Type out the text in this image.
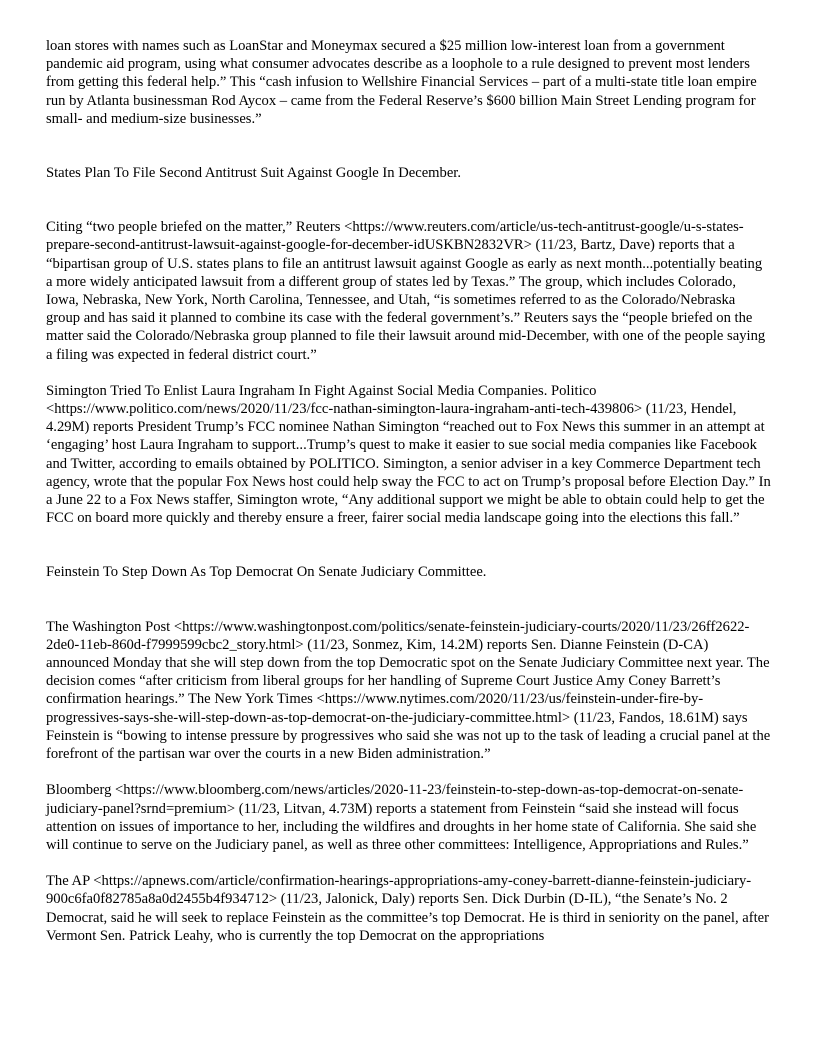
loan stores with names such as LoanStar and Moneymax secured a $25 million low-interest loan from a government pandemic aid program, using what consumer advocates describe as a loophole to a rule designed to prevent most lenders from getting this federal help.” This “cash infusion to Wellshire Financial Services – part of a multi-state title loan empire run by Atlanta businessman Rod Aycox – came from the Federal Reserve’s $600 billion Main Street Lending program for small- and medium-size businesses.”

States Plan To File Second Antitrust Suit Against Google In December.

Citing “two people briefed on the matter,” Reuters <https://www.reuters.com/article/us-tech-antitrust-google/u-s-states-prepare-second-antitrust-lawsuit-against-google-for-december-idUSKBN2832VR> (11/23, Bartz, Dave) reports that a “bipartisan group of U.S. states plans to file an antitrust lawsuit against Google as early as next month...potentially beating a more widely anticipated lawsuit from a different group of states led by Texas.” The group, which includes Colorado, Iowa, Nebraska, New York, North Carolina, Tennessee, and Utah, “is sometimes referred to as the Colorado/Nebraska group and has said it planned to combine its case with the federal government’s.” Reuters says the “people briefed on the matter said the Colorado/Nebraska group planned to file their lawsuit around mid-December, with one of the people saying a filing was expected in federal district court.”

Simington Tried To Enlist Laura Ingraham In Fight Against Social Media Companies. Politico <https://www.politico.com/news/2020/11/23/fcc-nathan-simington-laura-ingraham-anti-tech-439806> (11/23, Hendel, 4.29M) reports President Trump’s FCC nominee Nathan Simington “reached out to Fox News this summer in an attempt at ‘engaging’ host Laura Ingraham to support...Trump’s quest to make it easier to sue social media companies like Facebook and Twitter, according to emails obtained by POLITICO. Simington, a senior adviser in a key Commerce Department tech agency, wrote that the popular Fox News host could help sway the FCC to act on Trump’s proposal before Election Day.” In a June 22 to a Fox News staffer, Simington wrote, “Any additional support we might be able to obtain could help to get the FCC on board more quickly and thereby ensure a freer, fairer social media landscape going into the elections this fall.”

Feinstein To Step Down As Top Democrat On Senate Judiciary Committee.

The Washington Post <https://www.washingtonpost.com/politics/senate-feinstein-judiciary-courts/2020/11/23/26ff2622-2de0-11eb-860d-f7999599cbc2_story.html> (11/23, Sonmez, Kim, 14.2M) reports Sen. Dianne Feinstein (D-CA) announced Monday that she will step down from the top Democratic spot on the Senate Judiciary Committee next year. The decision comes “after criticism from liberal groups for her handling of Supreme Court Justice Amy Coney Barrett’s confirmation hearings.” The New York Times <https://www.nytimes.com/2020/11/23/us/feinstein-under-fire-by-progressives-says-she-will-step-down-as-top-democrat-on-the-judiciary-committee.html> (11/23, Fandos, 18.61M) says Feinstein is “bowing to intense pressure by progressives who said she was not up to the task of leading a crucial panel at the forefront of the partisan war over the courts in a new Biden administration.”

Bloomberg <https://www.bloomberg.com/news/articles/2020-11-23/feinstein-to-step-down-as-top-democrat-on-senate-judiciary-panel?srnd=premium> (11/23, Litvan, 4.73M) reports a statement from Feinstein “said she instead will focus attention on issues of importance to her, including the wildfires and droughts in her home state of California. She said she will continue to serve on the Judiciary panel, as well as three other committees: Intelligence, Appropriations and Rules.”

The AP <https://apnews.com/article/confirmation-hearings-appropriations-amy-coney-barrett-dianne-feinstein-judiciary-900c6fa0f82785a8a0d2455b4f934712> (11/23, Jalonick, Daly) reports Sen. Dick Durbin (D-IL), “the Senate’s No. 2 Democrat, said he will seek to replace Feinstein as the committee’s top Democrat. He is third in seniority on the panel, after Vermont Sen. Patrick Leahy, who is currently the top Democrat on the appropriations
